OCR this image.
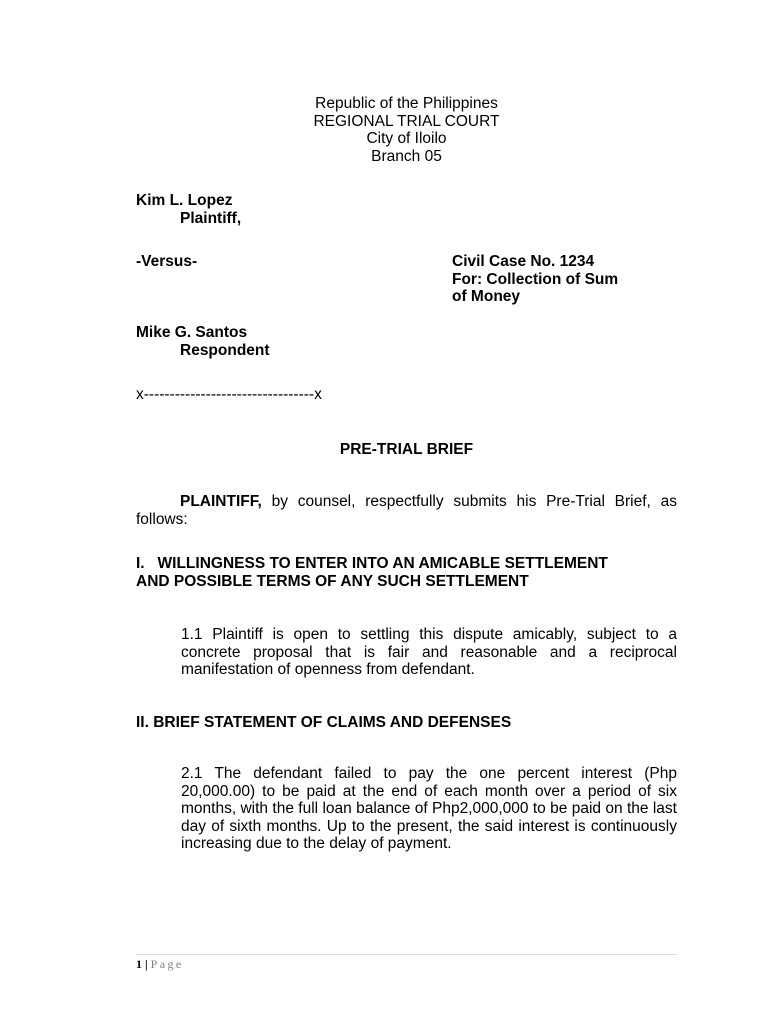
Republic of the Philippines
REGIONAL TRIAL COURT
City of Iloilo
Branch 05
Kim L. Lopez
Plaintiff,
-Versus-	Civil Case No. 1234
For: Collection of Sum
of Money
Mike G. Santos
Respondent
x---------------------------------x
PRE-TRIAL BRIEF
PLAINTIFF, by counsel, respectfully submits his Pre-Trial Brief, as follows:
I.   WILLINGNESS TO ENTER INTO AN AMICABLE SETTLEMENT
AND POSSIBLE TERMS OF ANY SUCH SETTLEMENT
1.1 Plaintiff is open to settling this dispute amicably, subject to a concrete proposal that is fair and reasonable and a reciprocal manifestation of openness from defendant.
II. BRIEF STATEMENT OF CLAIMS AND DEFENSES
2.1 The defendant failed to pay the one percent interest (Php 20,000.00) to be paid at the end of each month over a period of six months, with the full loan balance of Php2,000,000 to be paid on the last day of sixth months. Up to the present, the said interest is continuously increasing due to the delay of payment.
1 | Page
